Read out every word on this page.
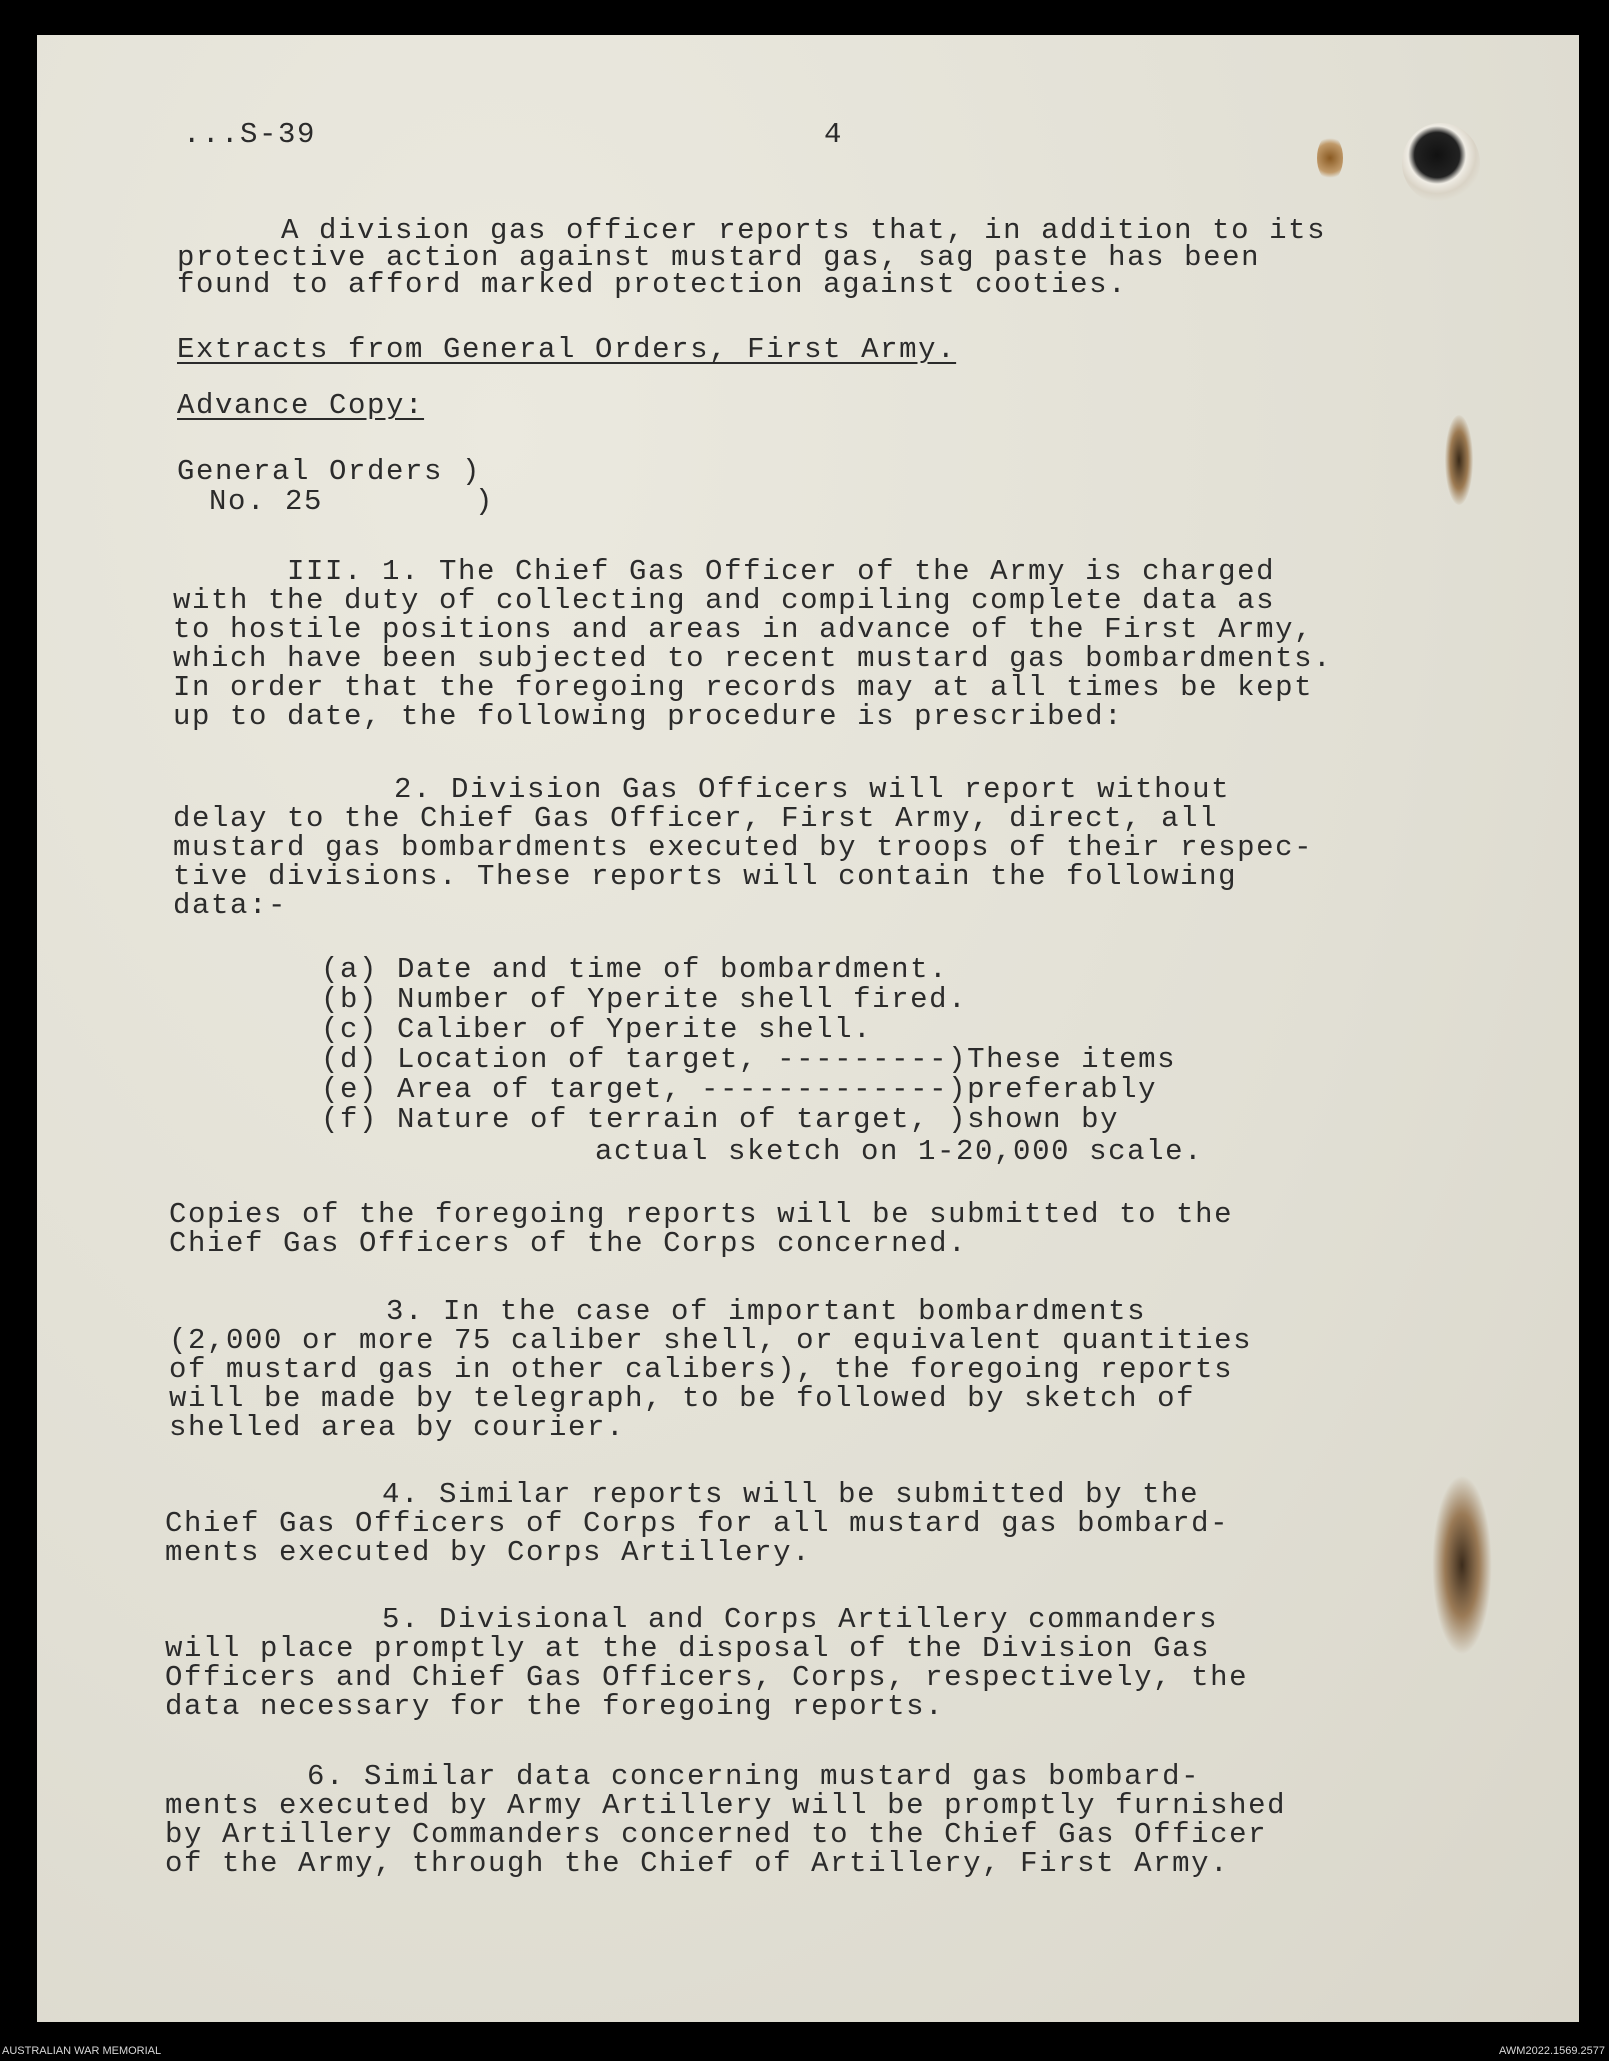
...S-39	4
A division gas officer reports that, in addition to its
protective action against mustard gas, sag paste has been
found to afford marked protection against cooties.
Extracts from General Orders, First Army.
Advance Copy:
General Orders )
No. 25        )
III. 1. The Chief Gas Officer of the Army is charged
with the duty of collecting and compiling complete data as
to hostile positions and areas in advance of the First Army,
which have been subjected to recent mustard gas bombardments.
In order that the foregoing records may at all times be kept
up to date, the following procedure is prescribed:
2. Division Gas Officers will report without
delay to the Chief Gas Officer, First Army, direct, all
mustard gas bombardments executed by troops of their respec-
tive divisions. These reports will contain the following
data:-
(a) Date and time of bombardment.
(b) Number of Yperite shell fired.
(c) Caliber of Yperite shell.
(d) Location of target, ---------)These items
(e) Area of target, -------------)preferably
(f) Nature of terrain of target, )shown by
actual sketch on 1-20,000 scale.
Copies of the foregoing reports will be submitted to the
Chief Gas Officers of the Corps concerned.
3. In the case of important bombardments
(2,000 or more 75 caliber shell, or equivalent quantities
of mustard gas in other calibers), the foregoing reports
will be made by telegraph, to be followed by sketch of
shelled area by courier.
4. Similar reports will be submitted by the
Chief Gas Officers of Corps for all mustard gas bombard-
ments executed by Corps Artillery.
5. Divisional and Corps Artillery commanders
will place promptly at the disposal of the Division Gas
Officers and Chief Gas Officers, Corps, respectively, the
data necessary for the foregoing reports.
6. Similar data concerning mustard gas bombard-
ments executed by Army Artillery will be promptly furnished
by Artillery Commanders concerned to the Chief Gas Officer
of the Army, through the Chief of Artillery, First Army.
AUSTRALIAN WAR MEMORIAL	AWM2022.1569.2577
